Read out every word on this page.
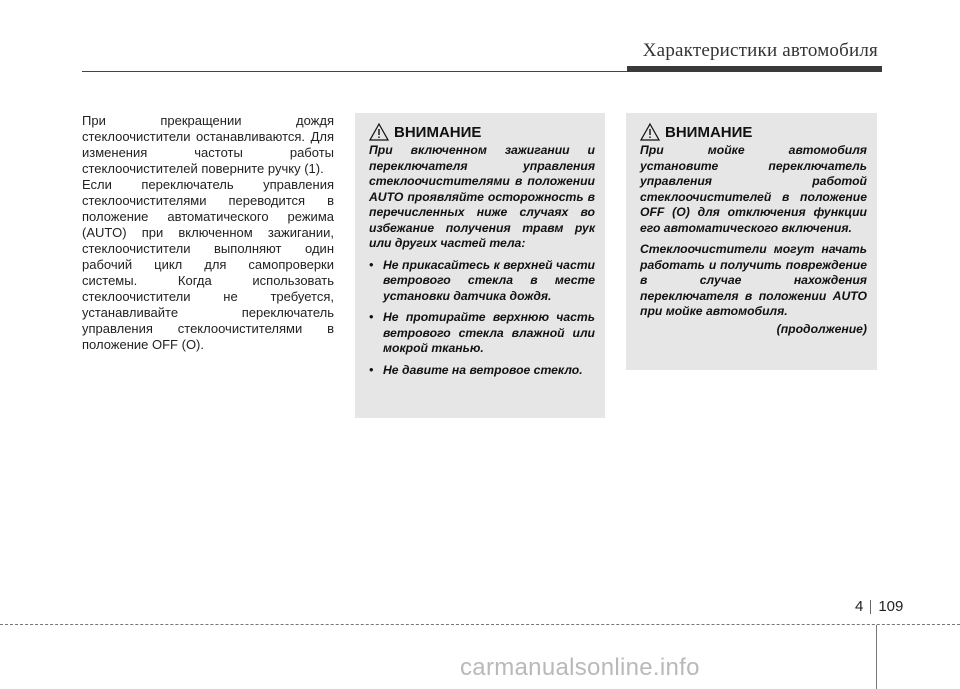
Характеристики автомобиля

При прекращении дождя стеклоочистители останавливаются. Для изменения частоты работы стеклоочистителей поверните ручку (1).

Если переключатель управления стеклоочистителями переводится в положение автоматического режима (AUTO) при включенном зажигании, стеклоочистители выполняют один рабочий цикл для самопроверки системы. Когда использовать стеклоочистители не требуется, устанавливайте переключатель управления стеклоочистителями в положение OFF (O).

ВНИМАНИЕ

При включенном зажигании и переключателя управления стеклоочистителями в положении AUTO проявляйте осторожность в перечисленных ниже случаях во избежание получения травм рук или других частей тела:

• Не прикасайтесь к верхней части ветрового стекла в месте установки датчика дождя.
• Не протирайте верхнюю часть ветрового стекла влажной или мокрой тканью.
• Не давите на ветровое стекло.
ВНИМАНИЕ

При мойке автомобиля установите переключатель управления работой стеклоочистителей в положение OFF (O) для отключения функции его автоматического включения.

Стеклоочистители могут начать работать и получить повреждение в случае нахождения переключателя в положении AUTO при мойке автомобиля.

(продолжение)
4 109
carmanualsonline.info
